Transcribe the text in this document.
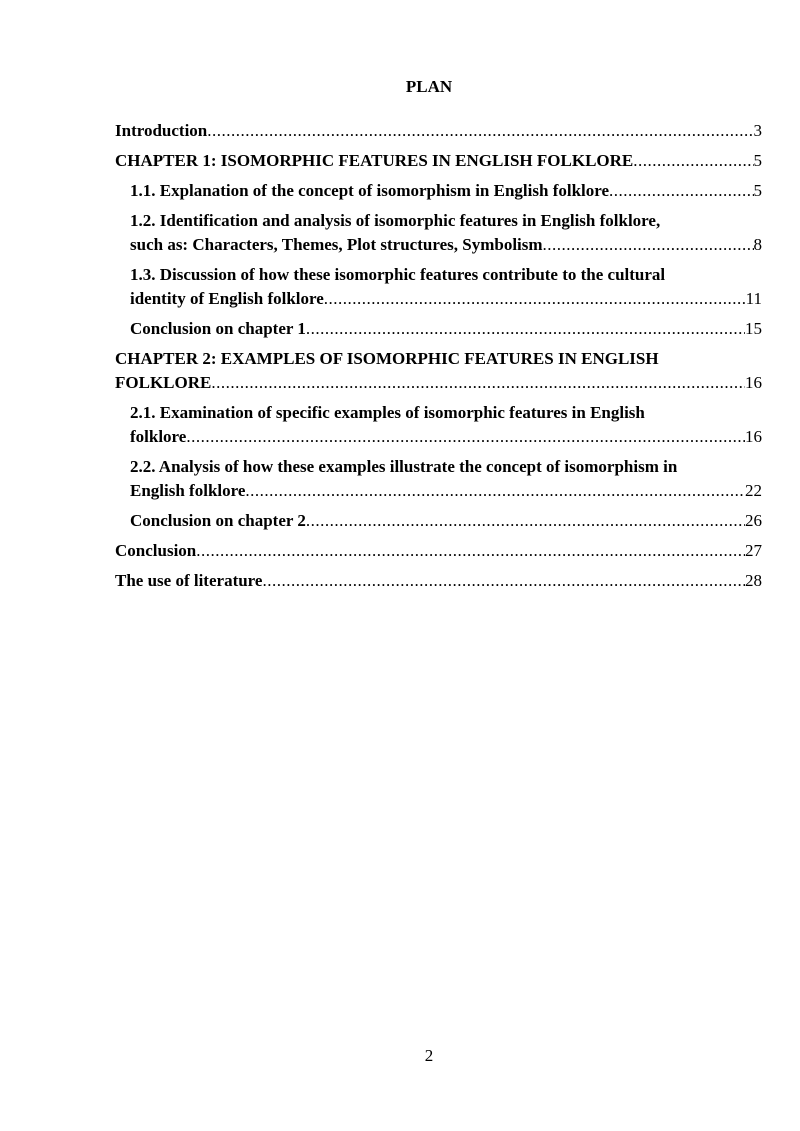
PLAN
Introduction .....	3
CHAPTER 1: ISOMORPHIC FEATURES IN ENGLISH FOLKLORE .....	5
1.1. Explanation of the concept of isomorphism in English folklore .....	5
1.2. Identification and analysis of isomorphic features in English folklore,
such as: Characters, Themes, Plot structures, Symbolism .....	8
1.3. Discussion of how these isomorphic features contribute to the cultural
identity of English folklore .....	11
Conclusion on chapter 1 .....	15
CHAPTER 2: EXAMPLES OF ISOMORPHIC FEATURES IN ENGLISH
FOLKLORE .....	16
2.1. Examination of specific examples of isomorphic features in English
folklore .....	16
2.2. Analysis of how these examples illustrate the concept of isomorphism in
English folklore .....	22
Conclusion on chapter 2 .....	26
Conclusion .....	27
The use of literature .....	28
2
